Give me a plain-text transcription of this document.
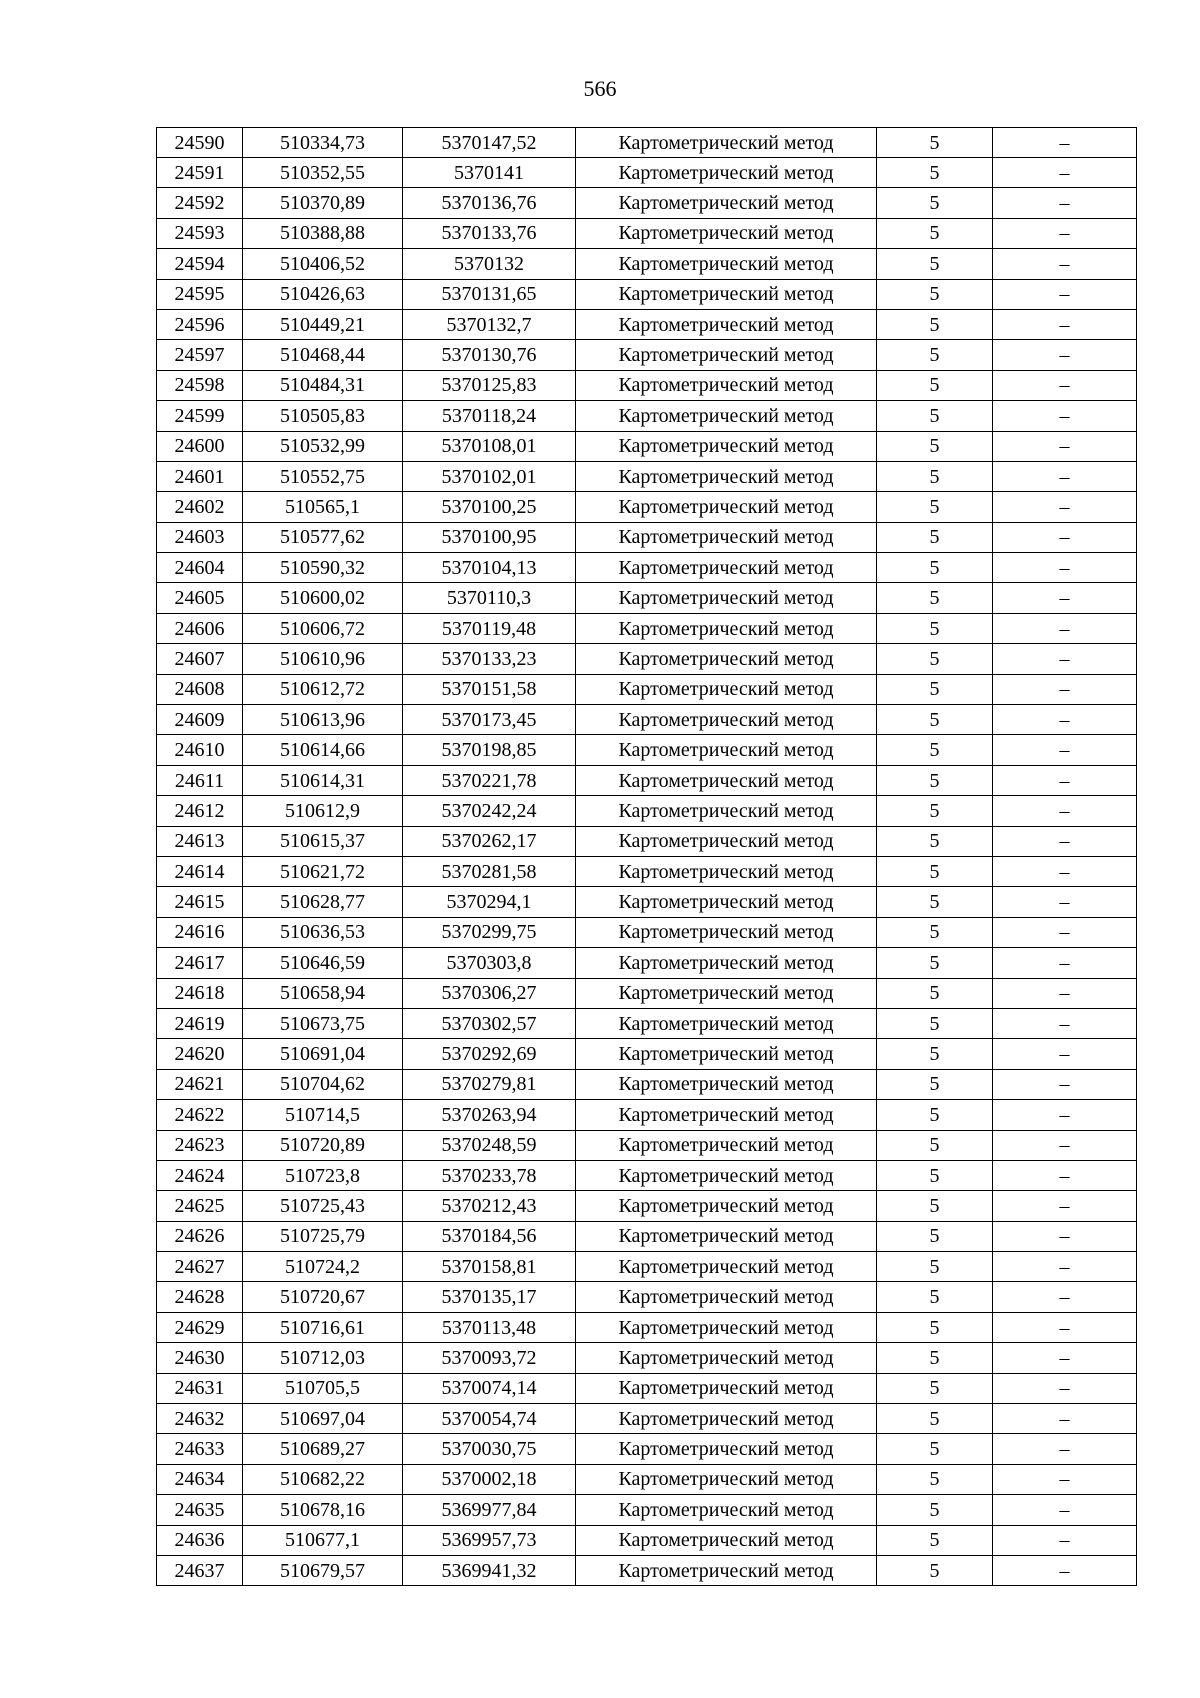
566
24590	510334,73	5370147,52	Картометрический метод	5	–
24591	510352,55	5370141	Картометрический метод	5	–
24592	510370,89	5370136,76	Картометрический метод	5	–
24593	510388,88	5370133,76	Картометрический метод	5	–
24594	510406,52	5370132	Картометрический метод	5	–
24595	510426,63	5370131,65	Картометрический метод	5	–
24596	510449,21	5370132,7	Картометрический метод	5	–
24597	510468,44	5370130,76	Картометрический метод	5	–
24598	510484,31	5370125,83	Картометрический метод	5	–
24599	510505,83	5370118,24	Картометрический метод	5	–
24600	510532,99	5370108,01	Картометрический метод	5	–
24601	510552,75	5370102,01	Картометрический метод	5	–
24602	510565,1	5370100,25	Картометрический метод	5	–
24603	510577,62	5370100,95	Картометрический метод	5	–
24604	510590,32	5370104,13	Картометрический метод	5	–
24605	510600,02	5370110,3	Картометрический метод	5	–
24606	510606,72	5370119,48	Картометрический метод	5	–
24607	510610,96	5370133,23	Картометрический метод	5	–
24608	510612,72	5370151,58	Картометрический метод	5	–
24609	510613,96	5370173,45	Картометрический метод	5	–
24610	510614,66	5370198,85	Картометрический метод	5	–
24611	510614,31	5370221,78	Картометрический метод	5	–
24612	510612,9	5370242,24	Картометрический метод	5	–
24613	510615,37	5370262,17	Картометрический метод	5	–
24614	510621,72	5370281,58	Картометрический метод	5	–
24615	510628,77	5370294,1	Картометрический метод	5	–
24616	510636,53	5370299,75	Картометрический метод	5	–
24617	510646,59	5370303,8	Картометрический метод	5	–
24618	510658,94	5370306,27	Картометрический метод	5	–
24619	510673,75	5370302,57	Картометрический метод	5	–
24620	510691,04	5370292,69	Картометрический метод	5	–
24621	510704,62	5370279,81	Картометрический метод	5	–
24622	510714,5	5370263,94	Картометрический метод	5	–
24623	510720,89	5370248,59	Картометрический метод	5	–
24624	510723,8	5370233,78	Картометрический метод	5	–
24625	510725,43	5370212,43	Картометрический метод	5	–
24626	510725,79	5370184,56	Картометрический метод	5	–
24627	510724,2	5370158,81	Картометрический метод	5	–
24628	510720,67	5370135,17	Картометрический метод	5	–
24629	510716,61	5370113,48	Картометрический метод	5	–
24630	510712,03	5370093,72	Картометрический метод	5	–
24631	510705,5	5370074,14	Картометрический метод	5	–
24632	510697,04	5370054,74	Картометрический метод	5	–
24633	510689,27	5370030,75	Картометрический метод	5	–
24634	510682,22	5370002,18	Картометрический метод	5	–
24635	510678,16	5369977,84	Картометрический метод	5	–
24636	510677,1	5369957,73	Картометрический метод	5	–
24637	510679,57	5369941,32	Картометрический метод	5	–
